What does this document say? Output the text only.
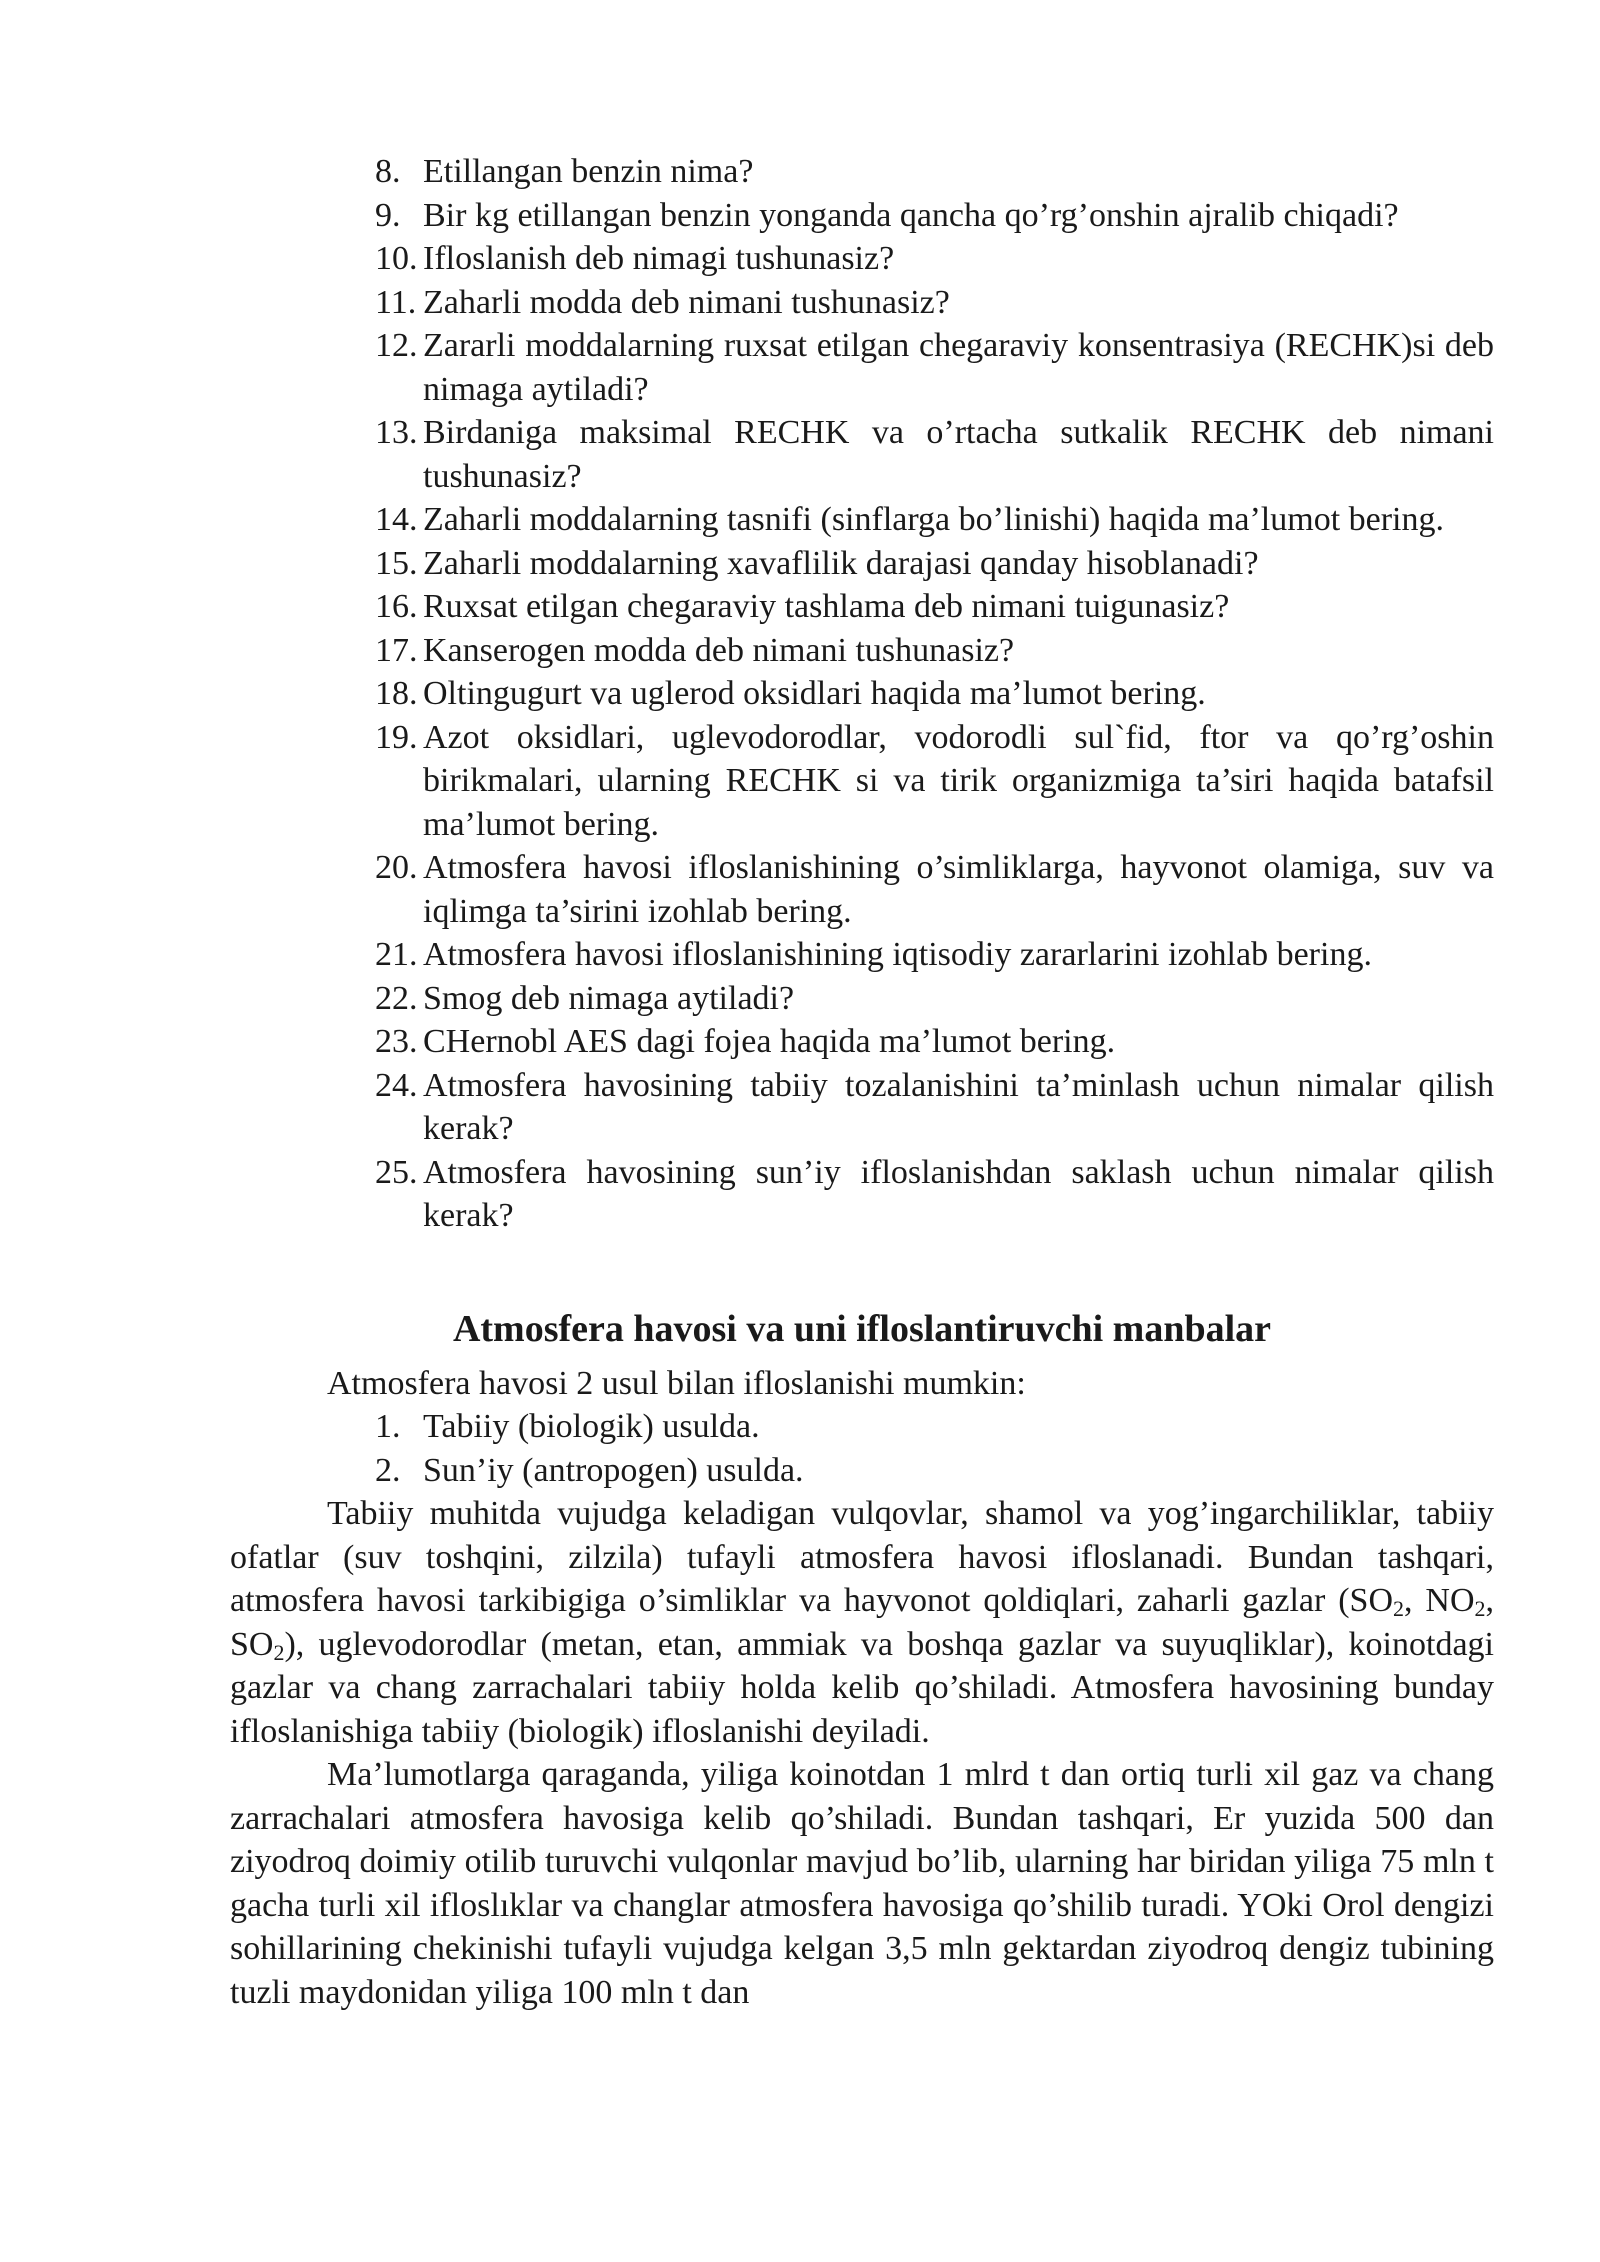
8. Etillangan benzin nima?
9. Bir kg etillangan benzin yonganda qancha qo’rg’onshin ajralib chiqadi?
10. Ifloslanish deb nimagi tushunasiz?
11. Zaharli modda deb nimani tushunasiz?
12. Zararli moddalarning ruxsat etilgan chegaraviy konsentrasiya (RECHK)si deb nimaga aytiladi?
13. Birdaniga maksimal RECHK va o’rtacha sutkalik RECHK deb nimani tushunasiz?
14. Zaharli moddalarning tasnifi (sinflarga bo’linishi) haqida ma’lumot bering.
15. Zaharli moddalarning xavaflilik darajasi qanday hisoblanadi?
16. Ruxsat etilgan chegaraviy tashlama deb nimani tuigunasiz?
17. Kanserogen modda deb nimani tushunasiz?
18. Oltingugurt va uglerod oksidlari haqida ma’lumot bering.
19. Azot oksidlari, uglevodorodlar, vodorodli sul`fid, ftor va qo’rg’oshin birikmalari, ularning RECHK si va tirik organizmiga ta’siri haqida batafsil ma’lumot bering.
20. Atmosfera havosi ifloslanishining o’simliklarga, hayvonot olamiga, suv va iqlimga ta’sirini izohlab bering.
21. Atmosfera havosi ifloslanishining iqtisodiy zararlarini izohlab bering.
22. Smog deb nimaga aytiladi?
23. CHernobl AES dagi fojea haqida ma’lumot bering.
24. Atmosfera havosining tabiiy tozalanishini ta’minlash uchun nimalar qilish kerak?
25. Atmosfera havosining sun’iy ifloslanishdan saklash uchun nimalar qilish kerak?
Atmosfera havosi va uni ifloslantiruvchi manbalar

Atmosfera havosi 2 usul bilan ifloslanishi mumkin:

1. Tabiiy (biologik) usulda.
2. Sun’iy (antropogen) usulda.

Tabiiy muhitda vujudga keladigan vulqovlar, shamol va yog’ingarchiliklar, tabiiy ofatlar (suv toshqini, zilzila) tufayli atmosfera havosi ifloslanadi. Bundan tashqari, atmosfera havosi tarkibigiga o’simliklar va hayvonot qoldiqlari, zaharli gazlar ($SO_2$, $NO_2$, $SO_2$), uglevodorodlar (metan, etan, ammiak va boshqa gazlar va suyuqliklar), koinotdagi gazlar va chang zarrachalari tabiiy holda kelib qo’shiladi. Atmosfera havosining bunday ifloslanishiga tabiiy (biologik) ifloslanishi deyiladi.

Ma’lumotlarga qaraganda, yiliga koinotdan 1 mlrd t dan ortiq turli xil gaz va chang zarrachalari atmosfera havosiga kelib qo’shiladi. Bundan tashqari, Er yuzida 500 dan ziyodroq doimiy otilib turuvchi vulqonlar mavjud bo’lib, ularning har biridan yiliga 75 mln t gacha turli xil ifloslıklar va changlar atmosfera havosiga qo’shilib turadi. YOki Orol dengizi sohillarining chekinishi tufayli vujudga kelgan 3,5 mln gektardan ziyodroq dengiz tubining tuzli maydonidan yiliga 100 mln t dan
